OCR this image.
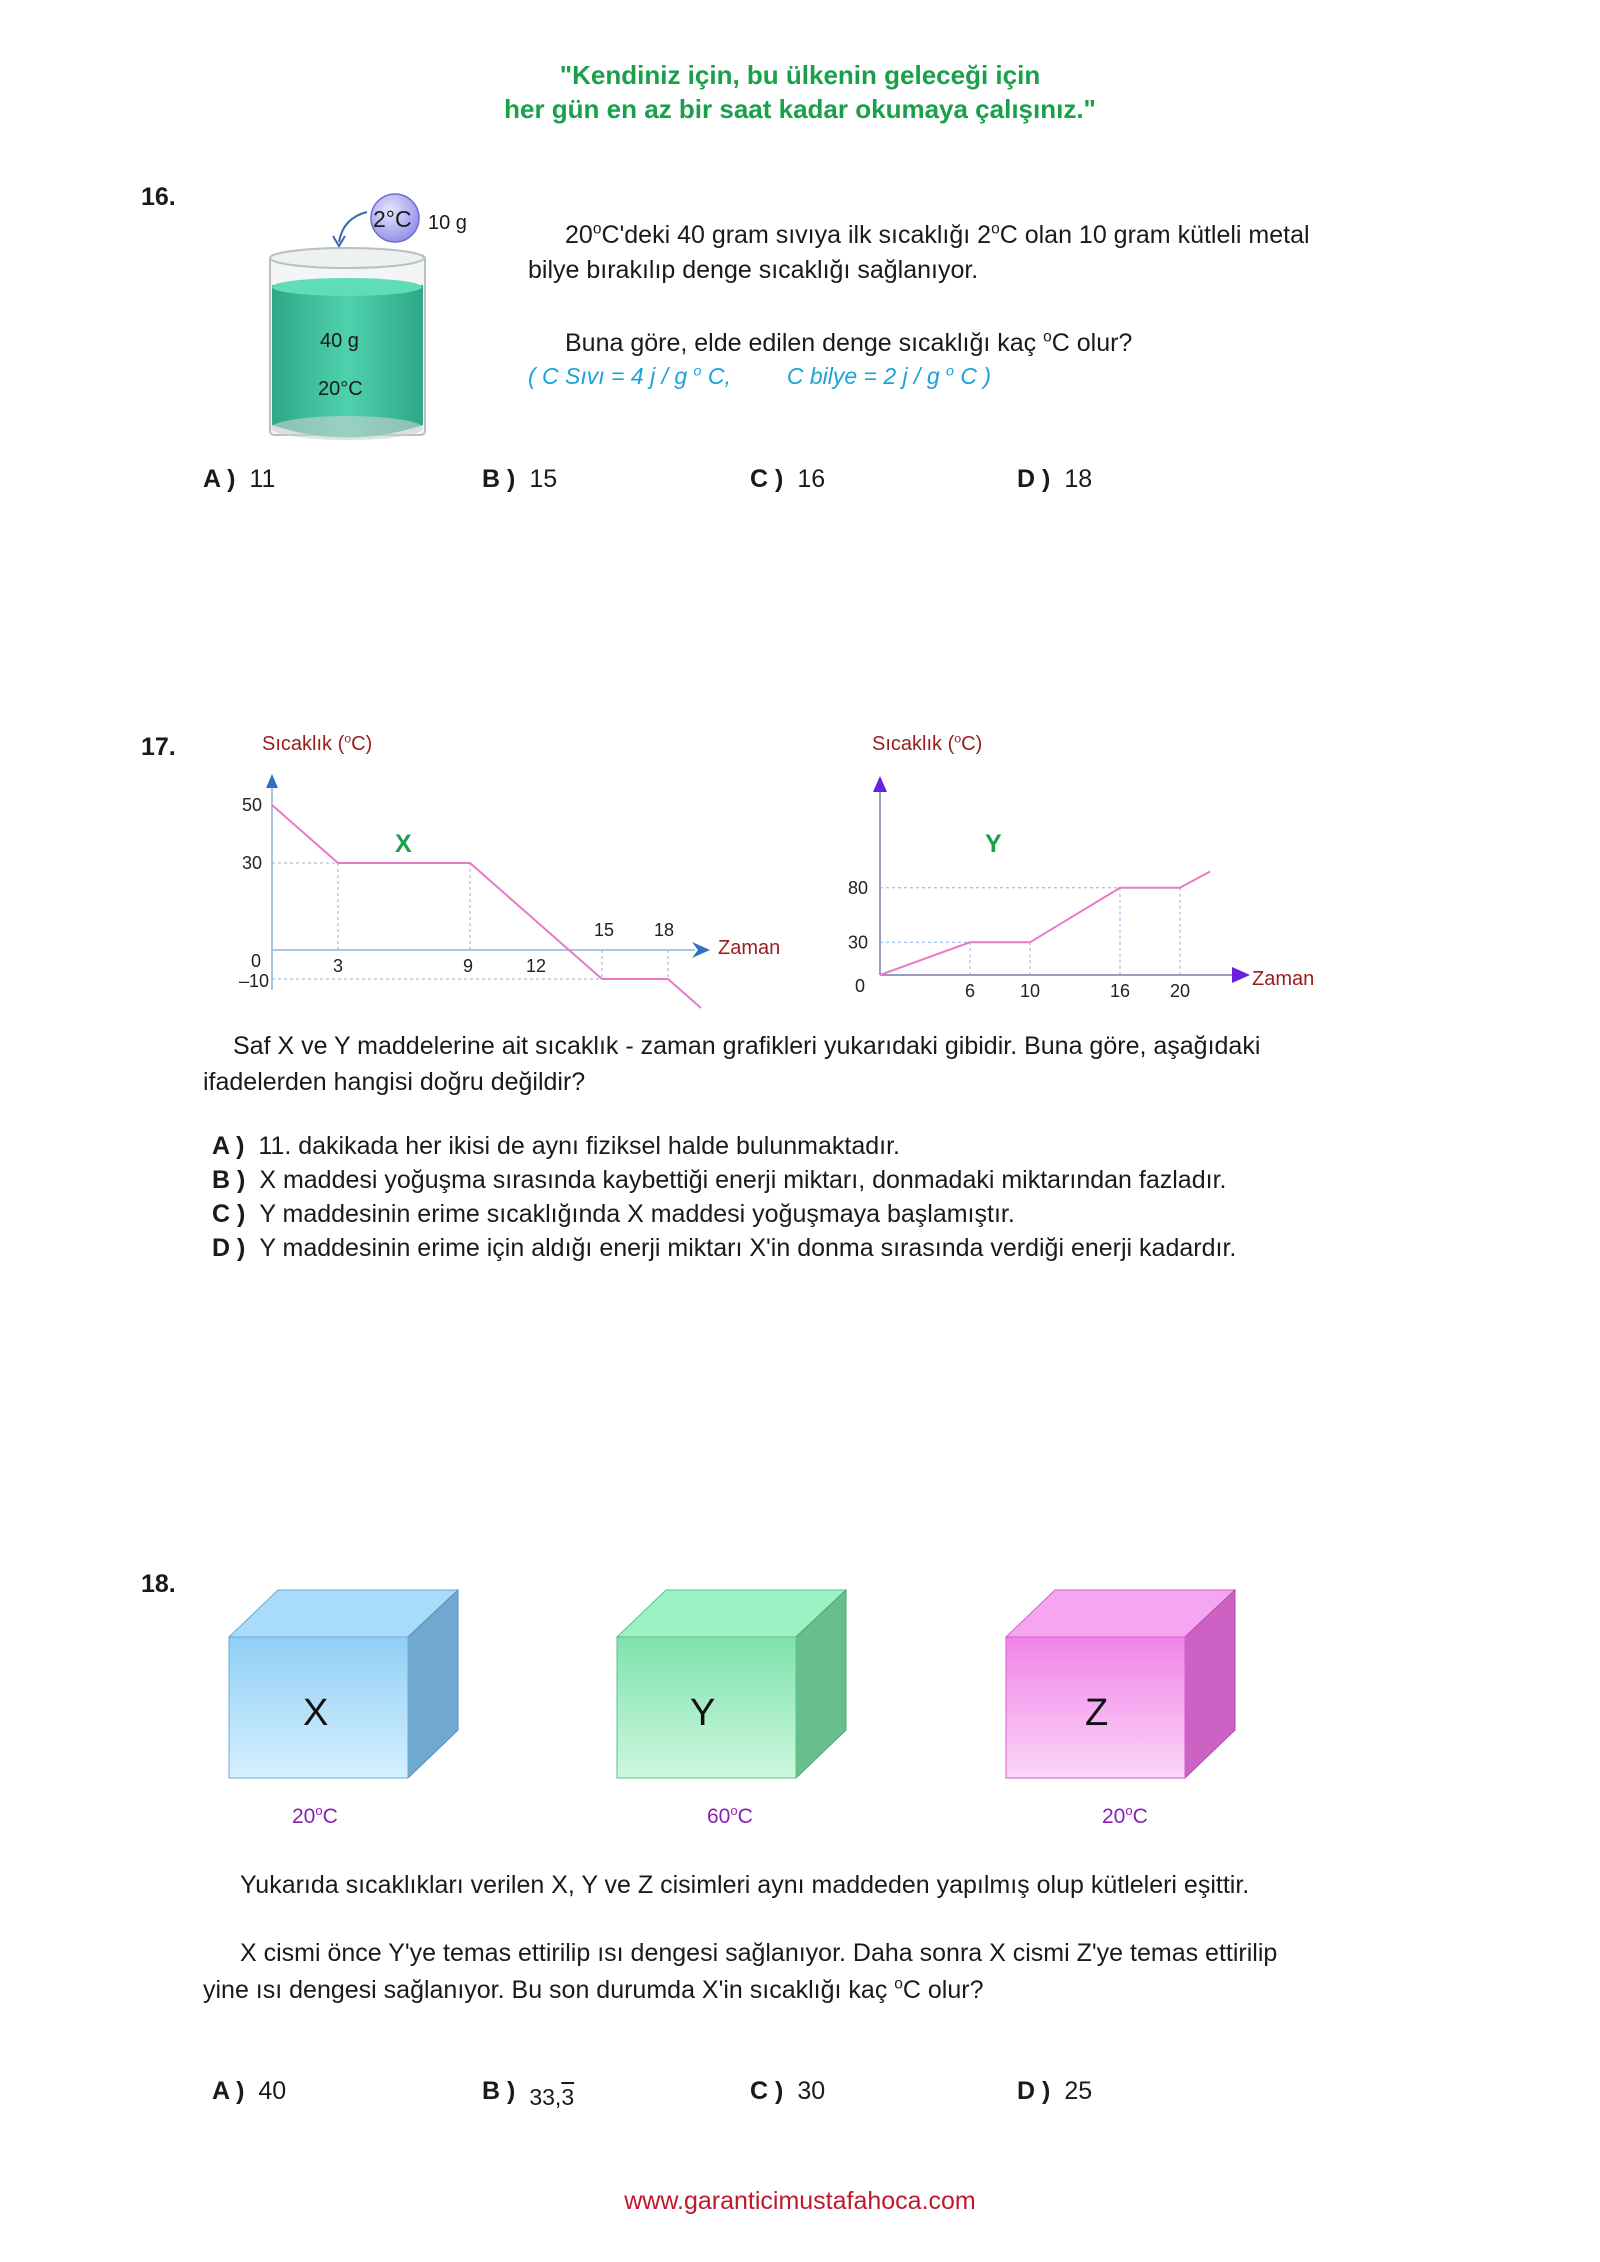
"Kendiniz için, bu ülkenin geleceği için
her gün en az bir saat kadar okumaya çalışınız."
16.
2°C 10 g
40 g
20°C
20$^o$C'deki 40 gram sıvıya ilk sıcaklığı 2$^o$C olan 10 gram kütleli metal
bilye bırakılıp denge sıcaklığı sağlanıyor.
Buna göre, elde edilen denge sıcaklığı kaç $^o$C olur?
( C Sıvı = 4 j / g $^o$ C, C bilye = 2 j / g $^o$ C )
A ) 11	B ) 15	C ) 16	D ) 18
17.	Sıcaklık ($^o$C)
X
Zaman
50
30
0
–10
3	9	12
15 18
Sıcaklık ($^o$C)
Y
Zaman
80
30
0	6 10	16 20
Saf X ve Y maddelerine ait sıcaklık - zaman grafikleri yukarıdaki gibidir. Buna göre, aşağıdaki
ifadelerden hangisi doğru değildir?
A ) 11. dakikada her ikisi de aynı fiziksel halde bulunmaktadır.
B ) X maddesi yoğuşma sırasında kaybettiği enerji miktarı, donmadaki miktarından fazladır.
C ) Y maddesinin erime sıcaklığında X maddesi yoğuşmaya başlamıştır.
D ) Y maddesinin erime için aldığı enerji miktarı X'in donma sırasında verdiği enerji kadardır.
18.
X	Y	Z
20$^o$C	60$^o$C	20$^o$C
Yukarıda sıcaklıkları verilen X, Y ve Z cisimleri aynı maddeden yapılmış olup kütleleri eşittir.
X cismi önce Y'ye temas ettirilip ısı dengesi sağlanıyor. Daha sonra X cismi Z'ye temas ettirilip
yine ısı dengesi sağlanıyor. Bu son durumda X'in sıcaklığı kaç $^o$C olur?
A ) 40	B ) 33,3	C ) 30	D ) 25
www.garanticimustafahoca.com
